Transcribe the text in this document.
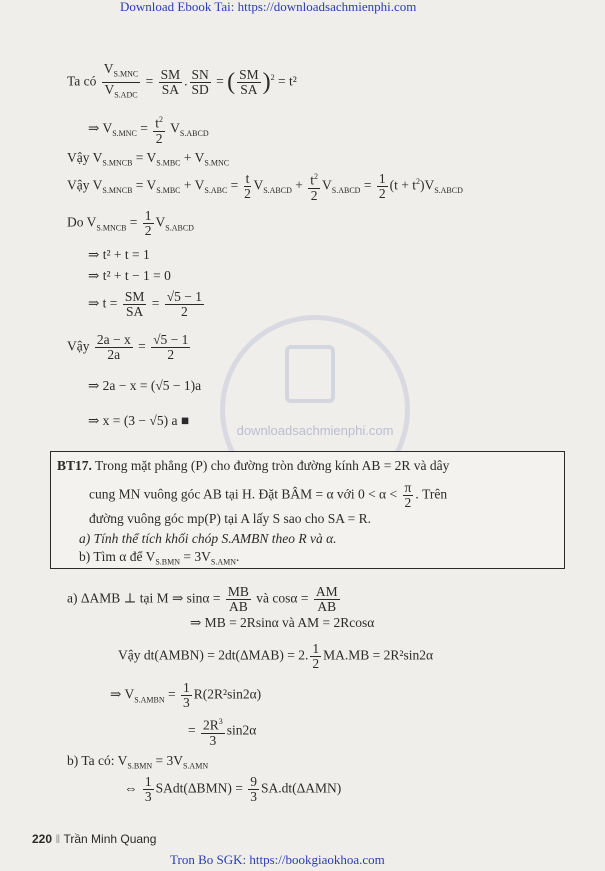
Download Ebook Tai: https://downloadsachmienphi.com
downloadsachmienphi.com
Ta có
$V_{S.MNC}$
$V_{S.ADC}$
= $\frac{SM}{SA}$ . $\frac{SN}{SD}$ = ( $\frac{SM}{SA} )^2 = t^2$
⇒ $V_{S.MNC} = \frac{t^2}{2} V_{S.ABCD}$
Vậy $V_{S.MNCB} = V_{S.MBC} + V_{S.MNC}$
Vậy $V_{S.MNCB} = V_{S.MBC} + V_{S.ABC} = \frac{t}{2} V_{S.ABCD} + \frac{t^2}{2} V_{S.ABCD} = \frac{1}{2} (t + t^2)V_{S.ABCD}$
Do $V_{S.MNCB} = \frac{1}{2} V_{S.ABCD}$
⇒ t² + t = 1
⇒ t² + t − 1 = 0
⇒ $t = \frac{SM}{SA} = \frac{√5 - 1}{2}$
Vậy $\frac{2a - x}{2a} = \frac{√5 - 1}{2}$
⇒ 2a − x = (√5 − 1)a
⇒ x = (3 − √5) a ■
BT17. Trong mặt phẳng (P) cho đường tròn đường kính AB = 2R và dây
cung MN vuông góc AB tại H. Đặt BÂM = α với $0 < \alpha < \frac{\pi}{2}$ . Trên
đường vuông góc mp(P) tại A lấy S sao cho SA = R.
a) Tính thể tích khối chóp S.AMBN theo R và α.
b) Tìm α để $V_{S.BMN} = 3V_{S.AMN}$.
a) ΔAMB ⊥ tại M ⇒ $\sin\alpha = \frac{MB}{AB}$ và $\cos\alpha = \frac{AM}{AB}$
⇒ MB = 2Rsinα và AM = 2Rcosα
Vậy dt(AMBN) = 2dt(ΔMAB) = 2. $\frac{1}{2} MA.MB = 2R^2\sin 2\alpha$
⇒ $V_{S.AMBN} = \frac{1}{3} R(2R^2\sin 2\alpha)$
= $\frac{2R^3}{3} \sin 2\alpha$
b) Ta có: $V_{S.BMN} = 3V_{S.AMN}$
⇔ $\frac{1}{3}$ SAdt(ΔBMN) = $\frac{9}{3} SA.dt(\Delta AMN)$
220 ‖ Trần Minh Quang
Tron Bo SGK: https://bookgiaokhoa.com
